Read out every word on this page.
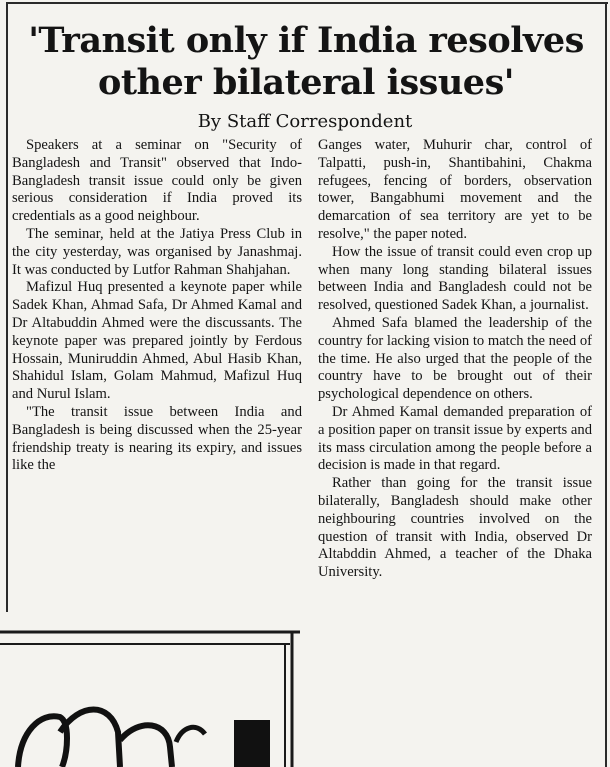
'Transit only if India resolves
other bilateral issues'
By Staff Correspondent

Speakers at a seminar on "Security of Bangladesh and Transit" observed that Indo-Bangladesh transit issue could only be given serious consideration if India proved its credentials as a good neighbour.

The seminar, held at the Jatiya Press Club in the city yesterday, was organised by Janashmaj. It was conducted by Lutfor Rahman Shahjahan.

Mafizul Huq presented a keynote paper while Sadek Khan, Ahmad Safa, Dr Ahmed Kamal and Dr Altabuddin Ahmed were the discussants. The keynote paper was prepared jointly by Ferdous Hossain, Muniruddin Ahmed, Abul Hasib Khan, Shahidul Islam, Golam Mahmud, Mafizul Huq and Nurul Islam.

"The transit issue between India and Bangladesh is being discussed when the 25-year friendship treaty is nearing its expiry, and issues like the

Ganges water, Muhurir char, control of Talpatti, push-in, Shantibahini, Chakma refugees, fencing of borders, observation tower, Bangabhumi movement and the demarcation of sea territory are yet to be resolve," the paper noted.

How the issue of transit could even crop up when many long standing bilateral issues between India and Bangladesh could not be resolved, questioned Sadek Khan, a journalist.

Ahmed Safa blamed the leadership of the country for lacking vision to match the need of the time. He also urged that the people of the country have to be brought out of their psychological dependence on others.

Dr Ahmed Kamal demanded preparation of a position paper on transit issue by experts and its mass circulation among the people before a decision is made in that regard.

Rather than going for the transit issue bilaterally, Bangladesh should make other neighbouring countries involved on the question of transit with India, observed Dr Altabddin Ahmed, a teacher of the Dhaka University.
